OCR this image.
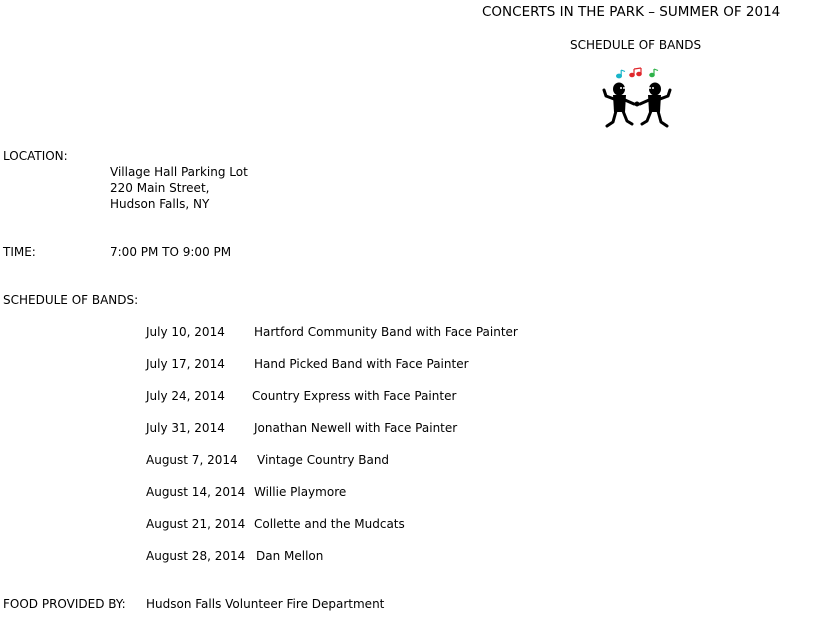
CONCERTS IN THE PARK – SUMMER OF 2014
SCHEDULE OF BANDS
LOCATION:
Village Hall Parking Lot
220 Main Street,
Hudson Falls, NY
TIME:	7:00 PM TO 9:00 PM
SCHEDULE OF BANDS:
July 10, 2014 Hartford Community Band with Face Painter
July 17, 2014 Hand Picked Band with Face Painter
July 24, 2014 Country Express with Face Painter
July 31, 2014 Jonathan Newell with Face Painter
August 7, 2014 Vintage Country Band
August 14, 2014 Willie Playmore
August 21, 2014 Collette and the Mudcats
August 28, 2014 Dan Mellon
FOOD PROVIDED BY: Hudson Falls Volunteer Fire Department
